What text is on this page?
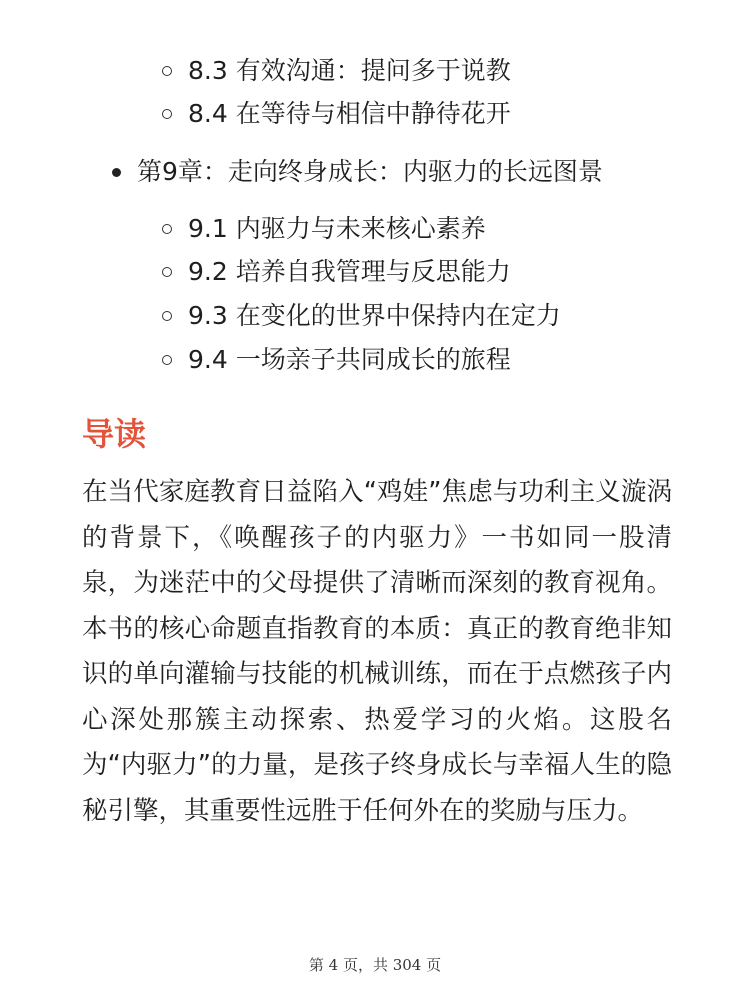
8.3 有效沟通：提问多于说教
8.4 在等待与相信中静待花开
第9章：走向终身成长：内驱力的长远图景
9.1 内驱力与未来核心素养
9.2 培养自我管理与反思能力
9.3 在变化的世界中保持内在定力
9.4 一场亲子共同成长的旅程
导读

在当代家庭教育日益陷入“鸡娃”焦虑与功利主义漩涡的背景下，《唤醒孩子的内驱力》一书如同一股清泉，为迷茫中的父母提供了清晰而深刻的教育视角。本书的核心命题直指教育的本质：真正的教育绝非知识的单向灌输与技能的机械训练，而在于点燃孩子内心深处那簇主动探索、热爱学习的火焰。这股名为“内驱力”的力量，是孩子终身成长与幸福人生的隐秘引擎，其重要性远胜于任何外在的奖励与压力。

第 4 页，共 304 页
